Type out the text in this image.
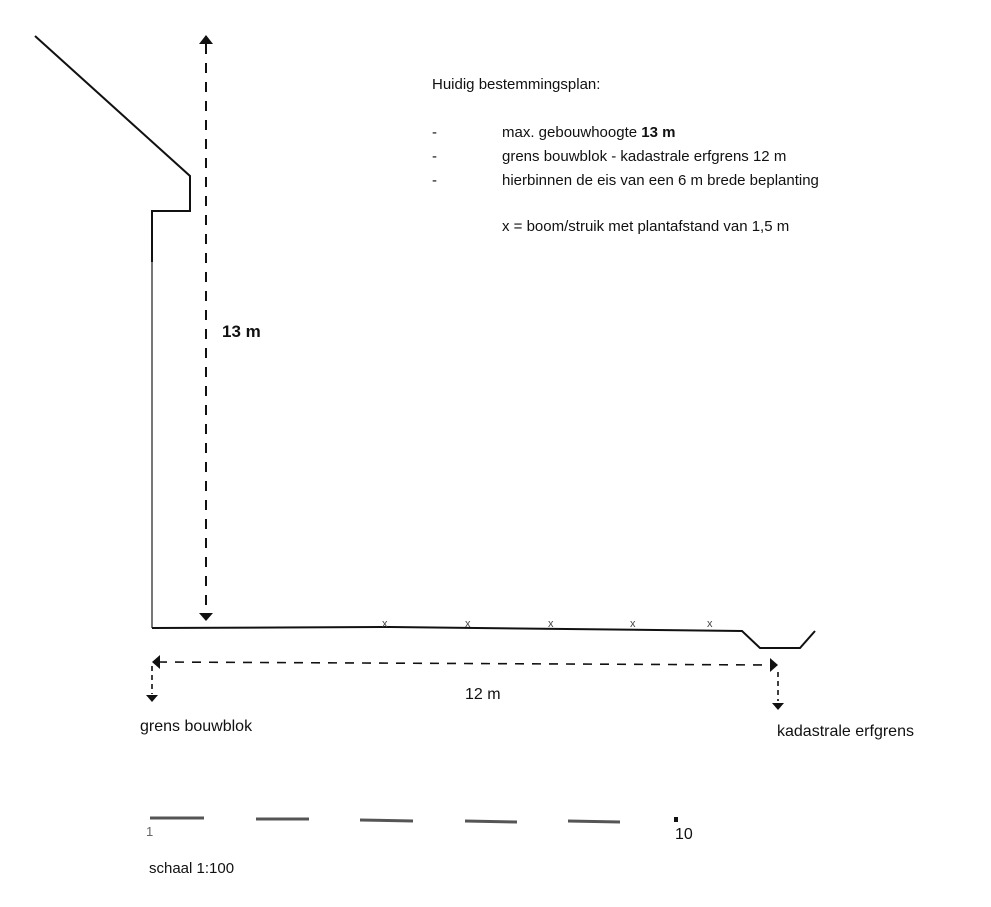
x	x	x	x	x
13 m
12 m
grens bouwblok	kadastrale erfgrens
1	10
schaal 1:100
Huidig bestemmingsplan:
-	max. gebouwhoogte 13 m
-	grens bouwblok - kadastrale erfgrens 12 m
-	hierbinnen de eis van een 6 m brede beplanting
x = boom/struik met plantafstand van 1,5 m
